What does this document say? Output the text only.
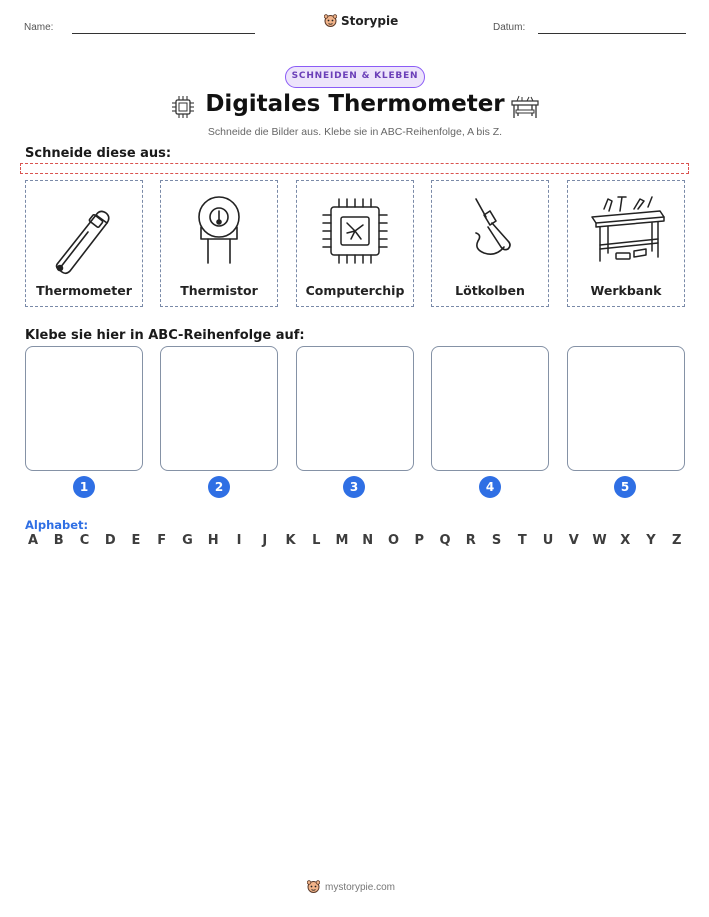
Name:	Storypie	Datum:
SCHNEIDEN & KLEBEN
Digitales Thermometer
Schneide die Bilder aus. Klebe sie in ABC-Reihenfolge, A bis Z.
Schneide diese aus:
Thermometer	Thermistor	Computerchip	Lötkolben	Werkbank
Klebe sie hier in ABC-Reihenfolge auf:
1	2	3	4	5
Alphabet:
A B C D E F G H	I	J	K L M N O P Q R S T U V W X Y Z
mystorypie.com
